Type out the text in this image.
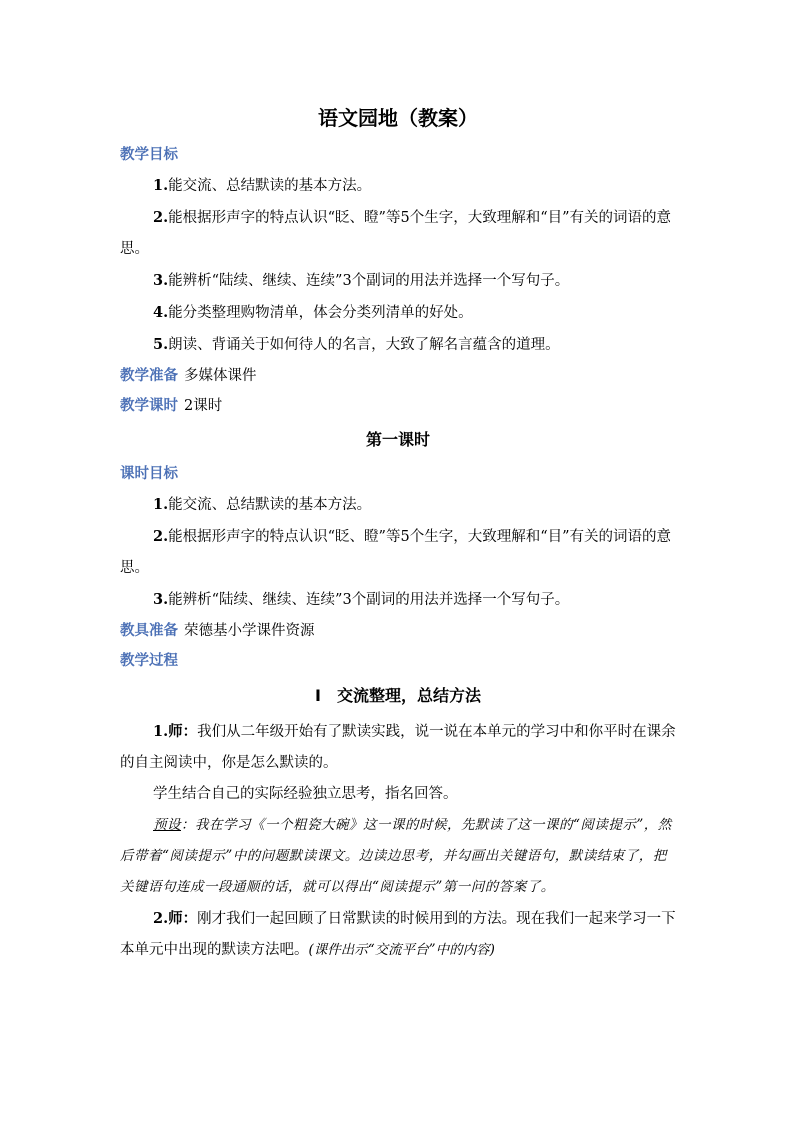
语文园地（教案）
教学目标

1.能交流、总结默读的基本方法。

2.能根据形声字的特点认识“眨、瞪”等5个生字，大致理解和“目”有关的词语的意思。

3.能辨析“陆续、继续、连续”3个副词的用法并选择一个写句子。

4.能分类整理购物清单，体会分类列清单的好处。

5.朗读、背诵关于如何待人的名言，大致了解名言蕴含的道理。

教学准备 多媒体课件
教学课时 2课时
第一课时
课时目标

1.能交流、总结默读的基本方法。

2.能根据形声字的特点认识“眨、瞪”等5个生字，大致理解和“目”有关的词语的意思。

3.能辨析“陆续、继续、连续”3个副词的用法并选择一个写句子。

教具准备 荣德基小学课件资源
教学过程
Ⅰ　交流整理，总结方法

1.师：我们从二年级开始有了默读实践，说一说在本单元的学习中和你平时在课余的自主阅读中，你是怎么默读的。

学生结合自己的实际经验独立思考，指名回答。

预设：我在学习《一个粗瓷大碗》这一课的时候，先默读了这一课的“阅读提示”，然后带着“阅读提示”中的问题默读课文。边读边思考，并勾画出关键语句，默读结束了，把关键语句连成一段通顺的话，就可以得出“阅读提示”第一问的答案了。

2.师：刚才我们一起回顾了日常默读的时候用到的方法。现在我们一起来学习一下本单元中出现的默读方法吧。(课件出示“交流平台”中的内容)
